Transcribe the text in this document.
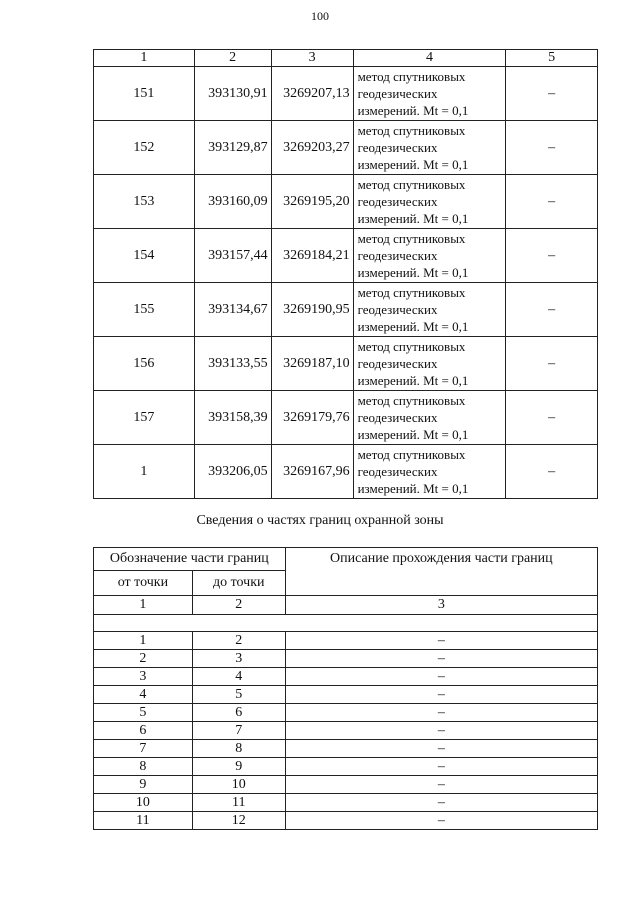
100
1	2	3	4	5
151	393130,91	3269207,13	метод спутниковых
геодезических
измерений. Mt = 0,1	–
152	393129,87	3269203,27	метод спутниковых
геодезических
измерений. Mt = 0,1	–
153	393160,09	3269195,20	метод спутниковых
геодезических
измерений. Mt = 0,1	–
154	393157,44	3269184,21	метод спутниковых
геодезических
измерений. Mt = 0,1	–
155	393134,67	3269190,95	метод спутниковых
геодезических
измерений. Mt = 0,1	–
156	393133,55	3269187,10	метод спутниковых
геодезических
измерений. Mt = 0,1	–
157	393158,39	3269179,76	метод спутниковых
геодезических
измерений. Mt = 0,1	–
1	393206,05	3269167,96	метод спутниковых
геодезических
измерений. Mt = 0,1	–
Сведения о частях границ охранной зоны
Обозначение части границ		Описание прохождения части границ
от точки	до точки	
1	2	3

1	2	–
2	3	–
3	4	–
4	5	–
5	6	–
6	7	–
7	8	–
8	9	–
9	10	–
10	11	–
11	12	–
